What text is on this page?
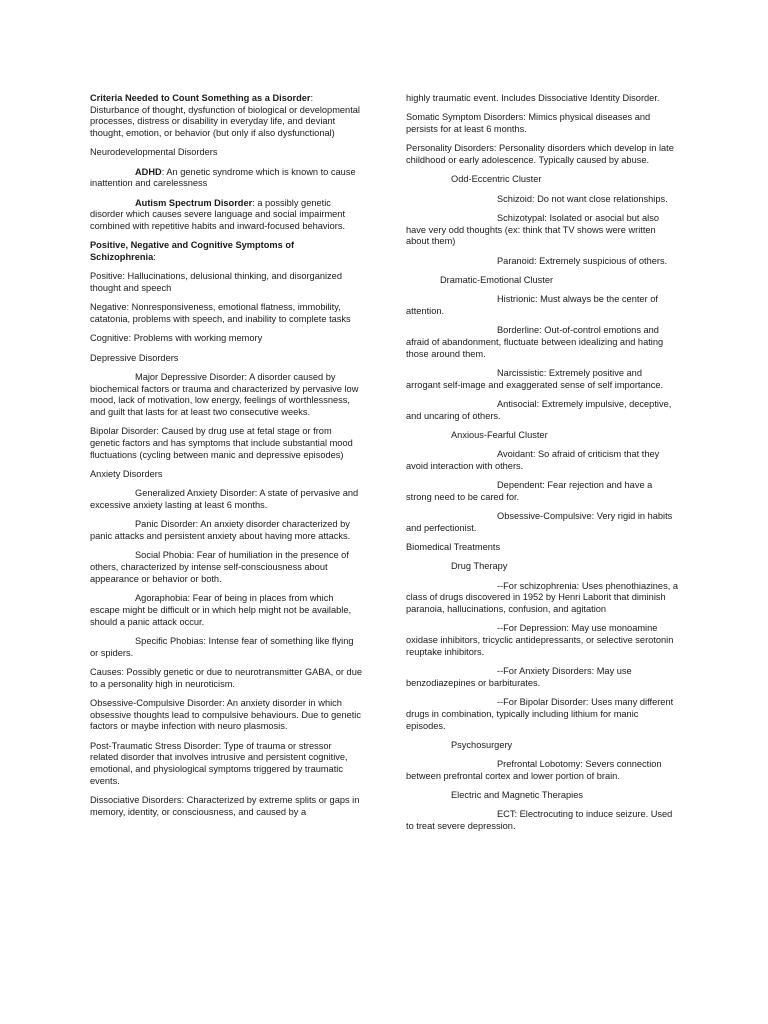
Criteria Needed to Count Something as a Disorder: Disturbance of thought, dysfunction of biological or developmental processes, distress or disability in everyday life, and deviant thought, emotion, or behavior (but only if also dysfunctional)

Neurodevelopmental Disorders

ADHD: An genetic syndrome which is known to cause inattention and carelessness

Autism Spectrum Disorder: a possibly genetic disorder which causes severe language and social impairment combined with repetitive habits and inward-focused behaviors.

Positive, Negative and Cognitive Symptoms of Schizophrenia:

Positive: Hallucinations, delusional thinking, and disorganized thought and speech

Negative: Nonresponsiveness, emotional flatness, immobility, catatonia, problems with speech, and inability to complete tasks

Cognitive: Problems with working memory

Depressive Disorders

Major Depressive Disorder: A disorder caused by biochemical factors or trauma and characterized by pervasive low mood, lack of motivation, low energy, feelings of worthlessness, and guilt that lasts for at least two consecutive weeks.

Bipolar Disorder: Caused by drug use at fetal stage or from genetic factors and has symptoms that include substantial mood fluctuations (cycling between manic and depressive episodes)

Anxiety Disorders

Generalized Anxiety Disorder: A state of pervasive and excessive anxiety lasting at least 6 months.

Panic Disorder: An anxiety disorder characterized by panic attacks and persistent anxiety about having more attacks.

Social Phobia: Fear of humiliation in the presence of others, characterized by intense self-consciousness about appearance or behavior or both.

Agoraphobia: Fear of being in places from which escape might be difficult or in which help might not be available, should a panic attack occur.

Specific Phobias: Intense fear of something like flying or spiders.

Causes: Possibly genetic or due to neurotransmitter GABA, or due to a personality high in neuroticism.

Obsessive-Compulsive Disorder: An anxiety disorder in which obsessive thoughts lead to compulsive behaviours. Due to genetic factors or maybe infection with neuro plasmosis.

Post-Traumatic Stress Disorder: Type of trauma or stressor related disorder that involves intrusive and persistent cognitive, emotional, and physiological symptoms triggered by traumatic events.

Dissociative Disorders: Characterized by extreme splits or gaps in memory, identity, or consciousness, and caused by a

highly traumatic event. Includes Dissociative Identity Disorder.

Somatic Symptom Disorders: Mimics physical diseases and persists for at least 6 months.

Personality Disorders: Personality disorders which develop in late childhood or early adolescence. Typically caused by abuse.

Odd-Eccentric Cluster

Schizoid: Do not want close relationships.

Schizotypal: Isolated or asocial but also have very odd thoughts (ex: think that TV shows were written about them)

Paranoid: Extremely suspicious of others.

Dramatic-Emotional Cluster

Histrionic: Must always be the center of attention.

Borderline: Out-of-control emotions and afraid of abandonment, fluctuate between idealizing and hating those around them.

Narcissistic: Extremely positive and arrogant self-image and exaggerated sense of self importance.

Antisocial: Extremely impulsive, deceptive, and uncaring of others.

Anxious-Fearful Cluster

Avoidant: So afraid of criticism that they avoid interaction with others.

Dependent: Fear rejection and have a strong need to be cared for.

Obsessive-Compulsive: Very rigid in habits and perfectionist.

Biomedical Treatments

Drug Therapy

--For schizophrenia: Uses phenothiazines, a class of drugs discovered in 1952 by Henri Laborit that diminish paranoia, hallucinations, confusion, and agitation

--For Depression: May use monoamine oxidase inhibitors, tricyclic antidepressants, or selective serotonin reuptake inhibitors.

--For Anxiety Disorders: May use benzodiazepines or barbiturates.

--For Bipolar Disorder: Uses many different drugs in combination, typically including lithium for manic episodes.

Psychosurgery

Prefrontal Lobotomy: Severs connection between prefrontal cortex and lower portion of brain.

Electric and Magnetic Therapies

ECT: Electrocuting to induce seizure. Used to treat severe depression.
